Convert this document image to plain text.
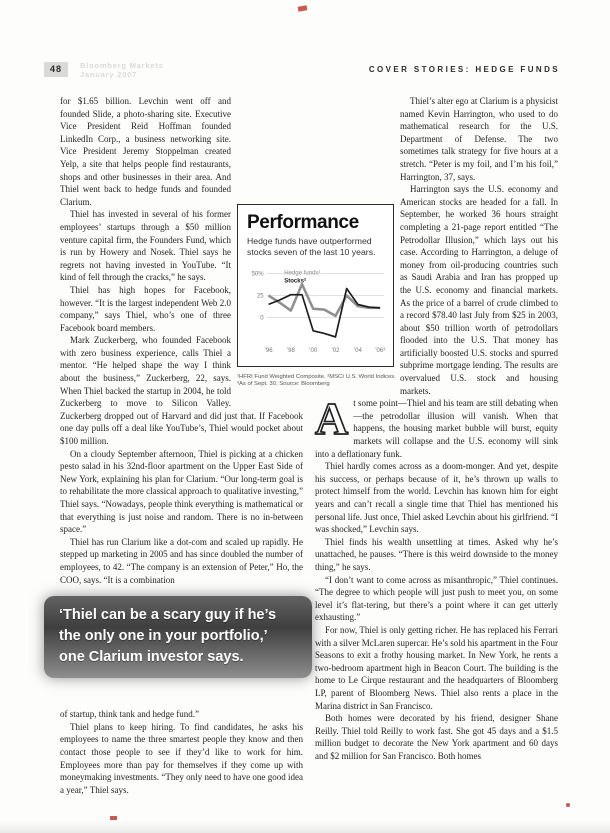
48	Bloomberg Markets
January 2007
COVER STORIES: HEDGE FUNDS

for $1.65 billion. Levchin went off and founded Slide, a photo-sharing site. Executive Vice President Reid Hoffman founded LinkedIn Corp., a business networking site. Vice President Jeremy Stoppelman created Yelp, a site that helps people find restaurants, shops and other businesses in their area. And Thiel went back to hedge funds and founded Clarium.

Thiel has invested in several of his former employees’ startups through a $50 million venture capital firm, the Founders Fund, which is run by Howery and Nosek. Thiel says he regrets not having invested in YouTube. “It kind of fell through the cracks,” he says.

Thiel has high hopes for Facebook, however. “It is the largest independent Web 2.0 company,” says Thiel, who’s one of three Facebook board members.

Mark Zuckerberg, who founded Facebook with zero business experience, calls Thiel a mentor. “He helped shape the way I think about the business,” Zuckerberg, 22, says. When Thiel backed the startup in 2004, he told Zuckerberg to move to Silicon Valley. Zuckerberg dropped out of Harvard and did just that. If Facebook one day pulls off a deal like YouTube’s, Thiel would pocket about $100 million.

On a cloudy September afternoon, Thiel is picking at a chicken pesto salad in his 32nd-floor apartment on the Upper East Side of New York, explaining his plan for Clarium. “Our long-term goal is to rehabilitate the more classical approach to qualitative investing,” Thiel says. “Nowadays, people think everything is mathematical or that everything is just noise and random. There is no in-between space.”

Thiel has run Clarium like a dot-com and scaled up rapidly. He stepped up marketing in 2005 and has since doubled the number of employees, to 42. “The company is an extension of Peter,” Ho, the COO, says. “It is a combination

‘Thiel can be a scary guy if he’s
the only one in your portfolio,’
one Clarium investor says.

of startup, think tank and hedge fund.”

Thiel plans to keep hiring. To find candidates, he asks his employees to name the three smartest people they know and then contact those people to see if they’d like to work for him. Employees more than pay for themselves if they come up with moneymaking investments. “They only need to have one good idea a year,” Thiel says.

Thiel’s alter ego at Clarium is a physicist named Kevin Harrington, who used to do mathematical research for the U.S. Department of Defense. The two sometimes talk strategy for five hours at a stretch. “Peter is my foil, and I’m his foil,” Harrington, 37, says.

Harrington says the U.S. economy and American stocks are headed for a fall. In September, he worked 36 hours straight completing a 21-page report entitled “The Petrodollar Illusion,” which lays out his case. According to Harrington, a deluge of money from oil-producing countries such as Saudi Arabia and Iran has propped up the U.S. economy and financial markets. As the price of a barrel of crude climbed to a record $78.40 last July from $25 in 2003, about $50 trillion worth of petrodollars flooded into the U.S. That money has artificially boosted U.S. stocks and spurred subprime mortgage lending. The results are overvalued U.S. stock and housing markets.

At some point—Thiel and his team are still debating when—the petrodollar illusion will vanish. When that happens, the housing market bubble will burst, equity markets will collapse and the U.S. economy will sink into a deflationary funk.

Thiel hardly comes across as a doom-monger. And yet, despite his success, or perhaps because of it, he’s thrown up walls to protect himself from the world. Levchin has known him for eight years and can’t recall a single time that Thiel has mentioned his personal life. Just once, Thiel asked Levchin about his girlfriend. “I was shocked,” Levchin says.

Thiel finds his wealth unsettling at times. Asked why he’s unattached, he pauses. “There is this weird downside to the money thing,” he says.

“I don’t want to come across as misanthropic,” Thiel continues. “The degree to which people will just push to meet you, on some level it’s flat-tering, but there’s a point where it can get utterly exhausting.”

For now, Thiel is only getting richer. He has replaced his Ferrari with a silver McLaren supercar. He’s sold his apartment in the Four Seasons to exit a frothy housing market. In New York, he rents a two-bedroom apartment high in Beacon Court. The building is the home to Le Cirque restaurant and the headquarters of Bloomberg LP, parent of Bloomberg News. Thiel also rents a place in the Marina district in San Francisco.

Both homes were decorated by his friend, designer Shane Reilly. Thiel told Reilly to work fast. She got 45 days and a $1.5 million budget to decorate the New York apartment and 60 days and $2 million for San Francisco. Both homes

Performance

Hedge funds have outperformed stocks seven of the last 10 years.

50%
25
0
’96 ’98 ’00 ’02 ’04 ’06³
Hedge funds¹
Stocks²
¹HFRI Fund Weighted Composite. ²MSCI U.S. World Indices. ³As of Sept. 30. Source: Bloomberg
